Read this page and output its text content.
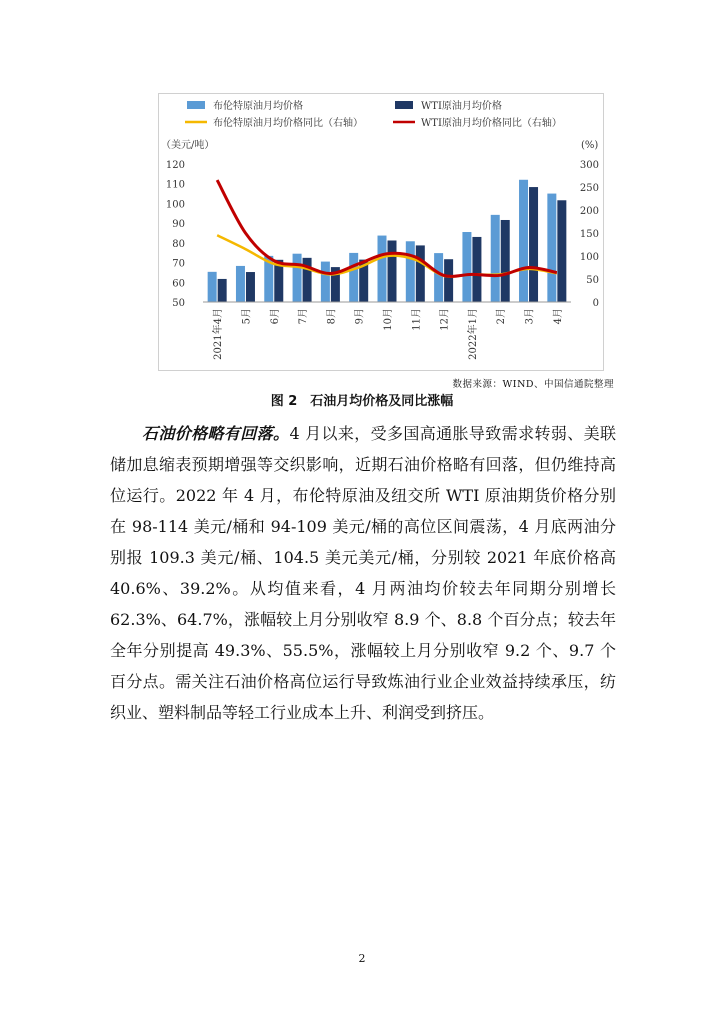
布伦特原油月均价格	WTI原油月均价格
布伦特原油月均价格同比（右轴）	WTI原油月均价格同比（右轴）
（美元/吨）	(%)
50
60
70
80
90
100
110
120
0
50
100
150
200
250
300
2021年4月 5月 6月 7月 8月 9月 10月 11月 12月 2022年1月 2月 3月 4月
数据来源：WIND、中国信通院整理
图 2　石油月均价格及同比涨幅

石油价格略有回落。4 月以来，受多国高通胀导致需求转弱、美联储加息缩表预期增强等交织影响，近期石油价格略有回落，但仍维持高位运行。2022 年 4 月，布伦特原油及纽交所 WTI 原油期货价格分别在 98-114 美元/桶和 94-109 美元/桶的高位区间震荡，4 月底两油分别报 109.3 美元/桶、104.5 美元美元/桶，分别较 2021 年底价格高 40.6%、39.2%。从均值来看，4 月两油均价较去年同期分别增长 62.3%、64.7%，涨幅较上月分别收窄 8.9 个、8.8 个百分点；较去年全年分别提高 49.3%、55.5%，涨幅较上月分别收窄 9.2 个、9.7 个百分点。需关注石油价格高位运行导致炼油行业企业效益持续承压，纺织业、塑料制品等轻工行业成本上升、利润受到挤压。

2
